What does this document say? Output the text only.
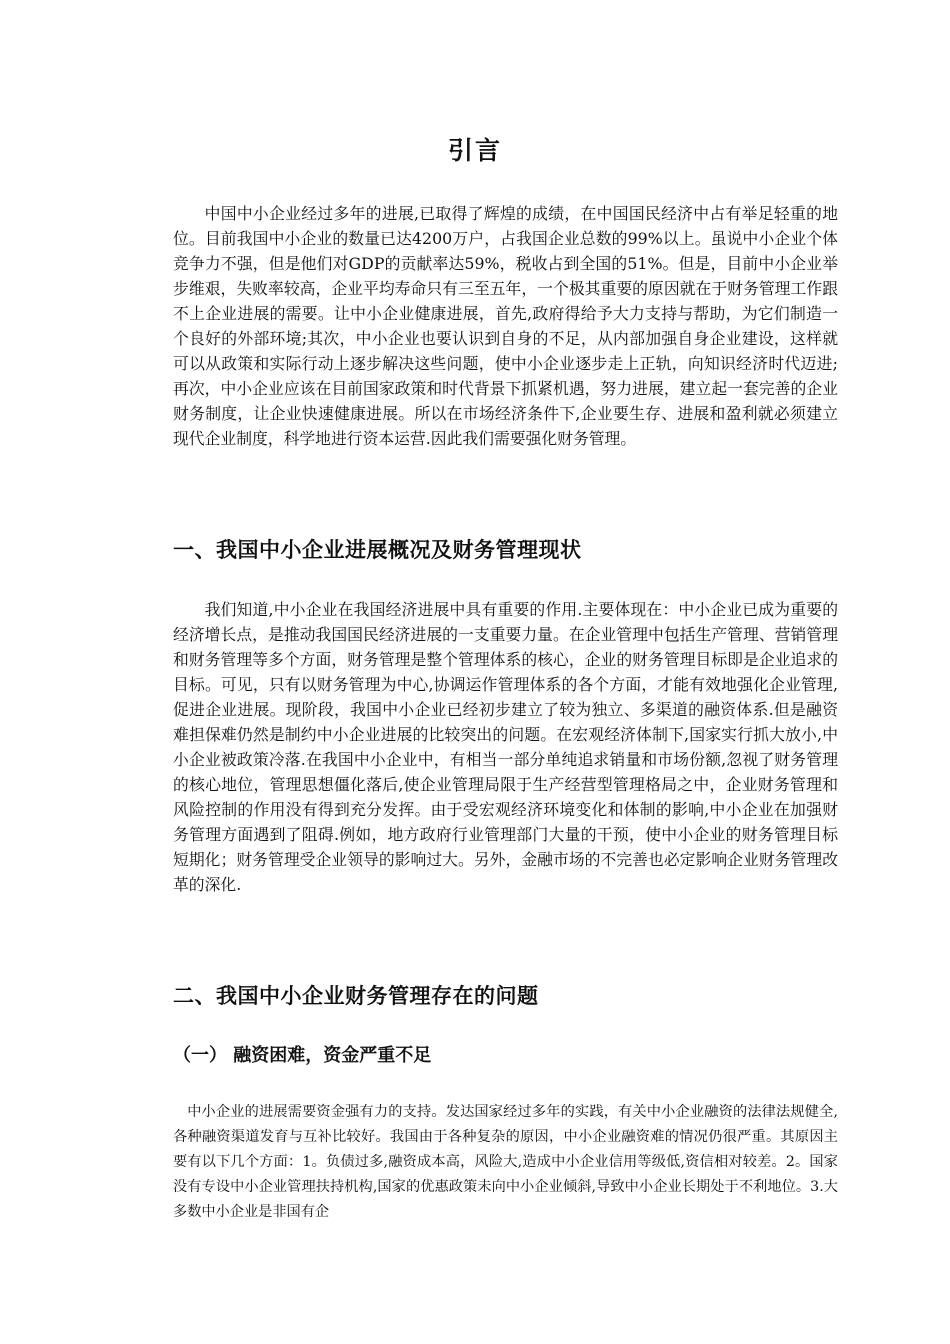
引言

中国中小企业经过多年的进展,已取得了辉煌的成绩，在中国国民经济中占有举足轻重的地位。目前我国中小企业的数量已达4200万户，占我国企业总数的99%以上。虽说中小企业个体竞争力不强，但是他们对GDP的贡献率达59%，税收占到全国的51%。但是，目前中小企业举步维艰，失败率较高，企业平均寿命只有三至五年，一个极其重要的原因就在于财务管理工作跟不上企业进展的需要。让中小企业健康进展，首先,政府得给予大力支持与帮助，为它们制造一个良好的外部环境;其次，中小企业也要认识到自身的不足，从内部加强自身企业建设，这样就可以从政策和实际行动上逐步解决这些问题，使中小企业逐步走上正轨，向知识经济时代迈进;再次，中小企业应该在目前国家政策和时代背景下抓紧机遇，努力进展，建立起一套完善的企业财务制度，让企业快速健康进展。所以在市场经济条件下,企业要生存、进展和盈利就必须建立现代企业制度，科学地进行资本运营.因此我们需要强化财务管理。

一、我国中小企业进展概况及财务管理现状

我们知道,中小企业在我国经济进展中具有重要的作用.主要体现在：中小企业已成为重要的经济增长点，是推动我国国民经济进展的一支重要力量。在企业管理中包括生产管理、营销管理和财务管理等多个方面，财务管理是整个管理体系的核心，企业的财务管理目标即是企业追求的目标。可见，只有以财务管理为中心,协调运作管理体系的各个方面，才能有效地强化企业管理,促进企业进展。现阶段，我国中小企业已经初步建立了较为独立、多渠道的融资体系.但是融资难担保难仍然是制约中小企业进展的比较突出的问题。在宏观经济体制下,国家实行抓大放小,中小企业被政策冷落.在我国中小企业中，有相当一部分单纯追求销量和市场份额,忽视了财务管理的核心地位，管理思想僵化落后,使企业管理局限于生产经营型管理格局之中，企业财务管理和风险控制的作用没有得到充分发挥。由于受宏观经济环境变化和体制的影响,中小企业在加强财务管理方面遇到了阻碍.例如，地方政府行业管理部门大量的干预，使中小企业的财务管理目标短期化；财务管理受企业领导的影响过大。另外，金融市场的不完善也必定影响企业财务管理改革的深化.

二、我国中小企业财务管理存在的问题
（一） 融资困难，资金严重不足

中小企业的进展需要资金强有力的支持。发达国家经过多年的实践，有关中小企业融资的法律法规健全,各种融资渠道发育与互补比较好。我国由于各种复杂的原因，中小企业融资难的情况仍很严重。其原因主要有以下几个方面：1。负债过多,融资成本高，风险大,造成中小企业信用等级低,资信相对较差。2。国家没有专设中小企业管理扶持机构,国家的优惠政策未向中小企业倾斜,导致中小企业长期处于不利地位。3.大多数中小企业是非国有企
